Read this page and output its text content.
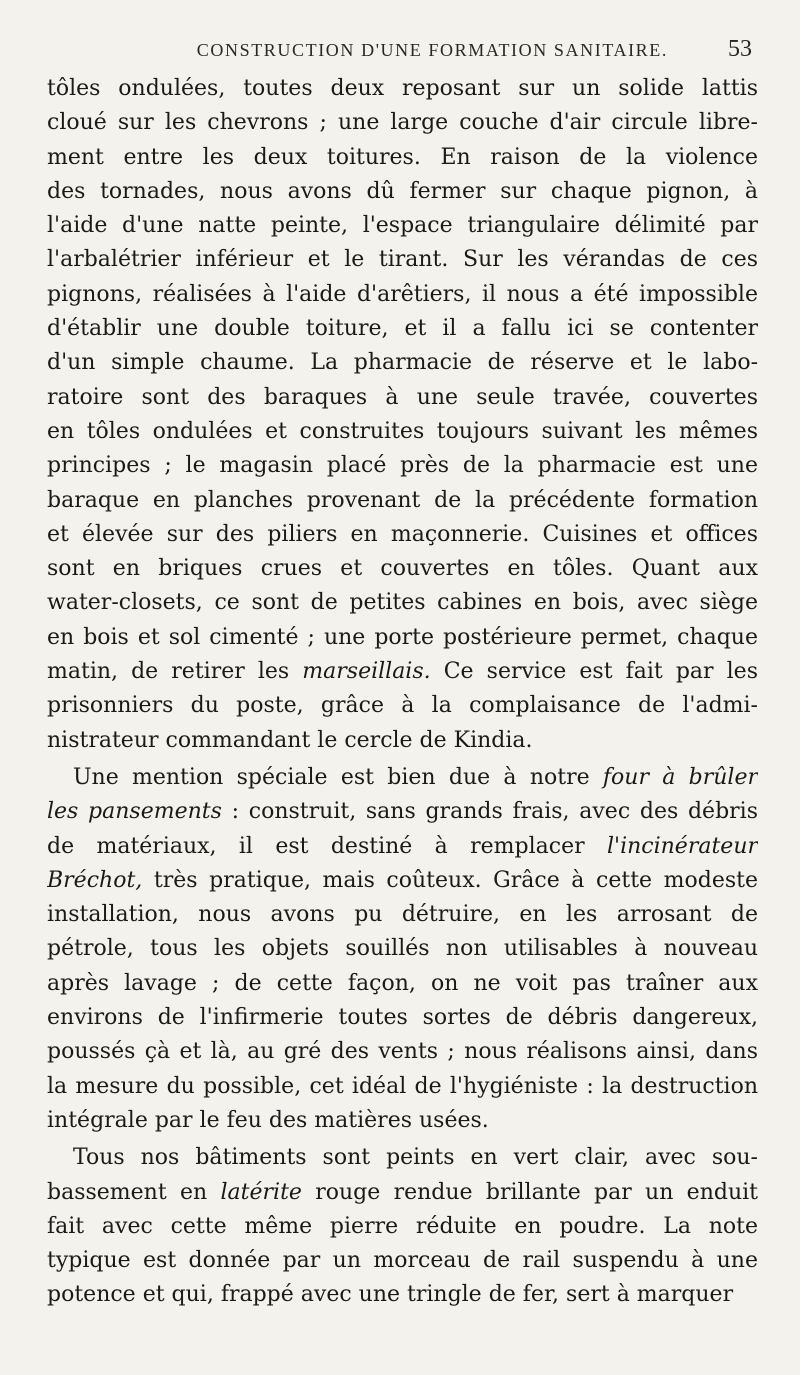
CONSTRUCTION D'UNE FORMATION SANITAIRE.	53
tôles ondulées, toutes deux reposant sur un solide lattis
cloué sur les chevrons ; une large couche d'air circule libre-
ment entre les deux toitures. En raison de la violence
des tornades, nous avons dû fermer sur chaque pignon, à
l'aide d'une natte peinte, l'espace triangulaire délimité par
l'arbalétrier inférieur et le tirant. Sur les vérandas de ces
pignons, réalisées à l'aide d'arêtiers, il nous a été impossible
d'établir une double toiture, et il a fallu ici se contenter
d'un simple chaume. La pharmacie de réserve et le labo-
ratoire sont des baraques à une seule travée, couvertes
en tôles ondulées et construites toujours suivant les mêmes
principes ; le magasin placé près de la pharmacie est une
baraque en planches provenant de la précédente formation
et élevée sur des piliers en maçonnerie. Cuisines et offices
sont en briques crues et couvertes en tôles. Quant aux
water-closets, ce sont de petites cabines en bois, avec siège
en bois et sol cimenté ; une porte postérieure permet, chaque
matin, de retirer les marseillais. Ce service est fait par les
prisonniers du poste, grâce à la complaisance de l'admi-
nistrateur commandant le cercle de Kindia.
Une mention spéciale est bien due à notre four à brûler
les pansements : construit, sans grands frais, avec des débris
de matériaux, il est destiné à remplacer l'incinérateur
Bréchot, très pratique, mais coûteux. Grâce à cette modeste
installation, nous avons pu détruire, en les arrosant de
pétrole, tous les objets souillés non utilisables à nouveau
après lavage ; de cette façon, on ne voit pas traîner aux
environs de l'infirmerie toutes sortes de débris dangereux,
poussés çà et là, au gré des vents ; nous réalisons ainsi, dans
la mesure du possible, cet idéal de l'hygiéniste : la destruction
intégrale par le feu des matières usées.
Tous nos bâtiments sont peints en vert clair, avec sou-
bassement en latérite rouge rendue brillante par un enduit
fait avec cette même pierre réduite en poudre. La note
typique est donnée par un morceau de rail suspendu à une
potence et qui, frappé avec une tringle de fer, sert à marquer
